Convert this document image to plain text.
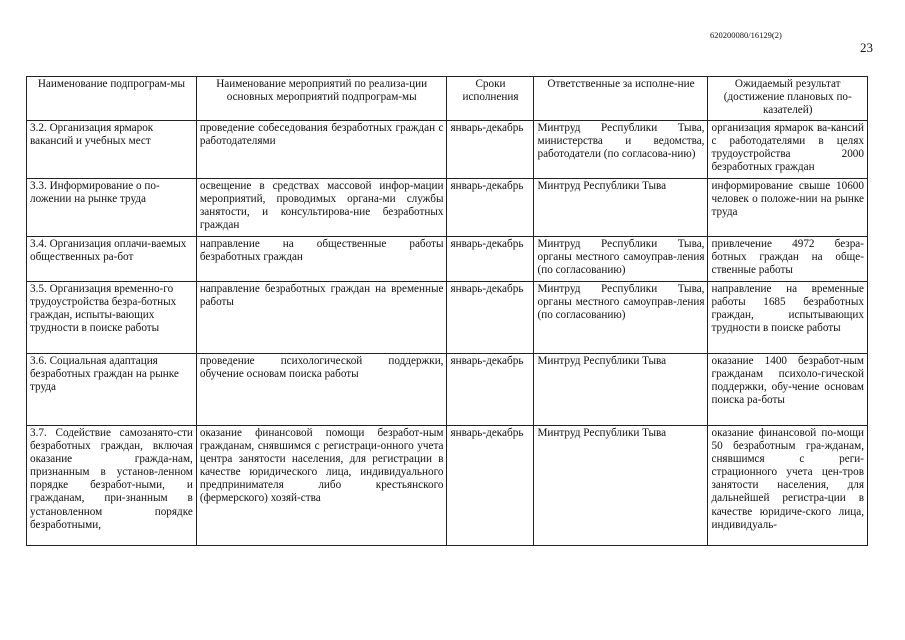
620200080/16129(2)
23
Наименование подпрограм-мы	Наименование мероприятий по реализа-ции основных мероприятий подпрограм-мы	Сроки исполнения	Ответственные за исполне-ние	Ожидаемый результат (достижение плановых по-казателей)
3.2. Организация ярмарок вакансий и учебных мест	проведение собеседования безработных граждан с работодателями	январь-декабрь	Минтруд Республики Тыва, министерства и ведомства, работодатели (по согласова-нию)	организация ярмарок ва-кансий с работодателями в целях трудоустройства 2000 безработных граждан
3.3. Информирование о по-ложении на рынке труда	освещение в средствах массовой инфор-мации мероприятий, проводимых органа-ми службы занятости, и консультирова-ние безработных граждан	январь-декабрь	Минтруд Республики Тыва	информирование свыше 10600 человек о положе-нии на рынке труда
3.4. Организация оплачи-ваемых общественных ра-бот	направление на общественные работы безработных граждан	январь-декабрь	Минтруд Республики Тыва, органы местного самоуправ-ления (по согласованию)	привлечение 4972 безра-ботных граждан на обще-ственные работы
3.5. Организация временно-го трудоустройства безра-ботных граждан, испыты-вающих трудности в поиске работы	направление безработных граждан на временные работы	январь-декабрь	Минтруд Республики Тыва, органы местного самоуправ-ления (по согласованию)	направление на временные работы 1685 безработных граждан, испытывающих трудности в поиске работы
3.6. Социальная адаптация безработных граждан на рынке труда	проведение психологической поддержки, обучение основам поиска работы	январь-декабрь	Минтруд Республики Тыва	оказание 1400 безработ-ным гражданам психоло-гической поддержки, обу-чение основам поиска ра-боты
3.7. Содействие самозанято-сти безработных граждан, включая оказание гражда-нам, признанным в установ-ленном порядке безработ-ными, и гражданам, при-знанным в установленном порядке безработными,	оказание финансовой помощи безработ-ным гражданам, снявшимся с регистраци-онного учета центра занятости населения, для регистрации в качестве юридического лица, индивидуального предпринимателя либо крестьянского (фермерского) хозяй-ства	январь-декабрь	Минтруд Республики Тыва	оказание финансовой по-мощи 50 безработным гра-жданам, снявшимся с реги-страционного учета цен-тров занятости населения, для дальнейшей регистра-ции в качестве юридиче-ского лица, индивидуаль-
